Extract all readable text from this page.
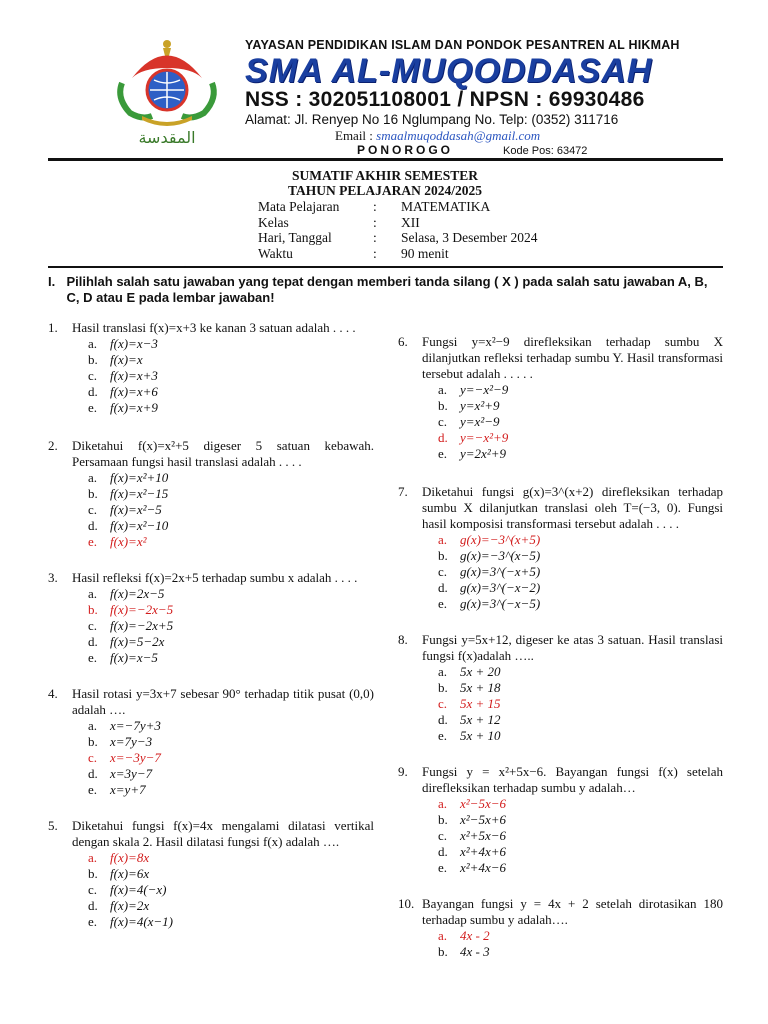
المقدسة
YAYASAN PENDIDIKAN ISLAM DAN PONDOK PESANTREN AL HIKMAH
SMA AL-MUQODDASAH
NSS : 302051108001 / NPSN : 69930486
Alamat: Jl. Renyep No 16 Nglumpang No. Telp: (0352) 311716
Email : smaalmuqoddasah@gmail.com
PONOROGO	Kode Pos: 63472
SUMATIF AKHIR SEMESTER
TAHUN PELAJARAN 2024/2025
Mata Pelajaran	:	MATEMATIKA
Kelas	:	XII
Hari, Tanggal	:	Selasa, 3 Desember 2024
Waktu	:	90 menit
I. Pilihlah salah satu jawaban yang tepat dengan memberi tanda silang ( X ) pada salah satu jawaban A, B, C, D atau E pada lembar jawaban!
1.	Hasil translasi f(x)=x+3 ke kanan 3 satuan adalah . . . .
a. f(x)=x−3
b. f(x)=x
c. f(x)=x+3
d. f(x)=x+6
e. f(x)=x+9
2.	Diketahui f(x)=x²+5 digeser 5 satuan kebawah. Persamaan fungsi hasil translasi adalah . . . .
a. f(x)=x²+10
b. f(x)=x²−15
c. f(x)=x²−5
d. f(x)=x²−10
e. f(x)=x²
3.	Hasil refleksi f(x)=2x+5 terhadap sumbu x adalah . . . .
a. f(x)=2x−5
b. f(x)=−2x−5
c. f(x)=−2x+5
d. f(x)=5−2x
e. f(x)=x−5
4.	Hasil rotasi y=3x+7 sebesar 90° terhadap titik pusat (0,0) adalah ….
a. x=−7y+3
b. x=7y−3
c. x=−3y−7
d. x=3y−7
e. x=y+7
5.	Diketahui fungsi f(x)=4x mengalami dilatasi vertikal dengan skala 2. Hasil dilatasi fungsi f(x) adalah ….
a. f(x)=8x
b. f(x)=6x
c. f(x)=4(−x)
d. f(x)=2x
e. f(x)=4(x−1)
6.	Fungsi y=x²−9 direfleksikan terhadap sumbu X dilanjutkan refleksi terhadap sumbu Y. Hasil transformasi tersebut adalah . . . . .
a. y=−x²−9
b. y=x²+9
c. y=x²−9
d. y=−x²+9
e. y=2x²+9
7.	Diketahui fungsi g(x)=3^(x+2) direfleksikan terhadap sumbu X dilanjutkan translasi oleh T=(−3, 0). Fungsi hasil komposisi transformasi tersebut adalah . . . .
a. g(x)=−3^(x+5)
b. g(x)=−3^(x−5)
c. g(x)=3^(−x+5)
d. g(x)=3^(−x−2)
e. g(x)=3^(−x−5)
8.	Fungsi y=5x+12, digeser ke atas 3 satuan. Hasil translasi fungsi f(x)adalah …..
a. 5x + 20
b. 5x + 18
c. 5x + 15
d. 5x + 12
e. 5x + 10
9.	Fungsi y = x²+5x−6. Bayangan fungsi f(x) setelah direfleksikan terhadap sumbu y adalah…
a. x²−5x−6
b. x²−5x+6
c. x²+5x−6
d. x²+4x+6
e. x²+4x−6
10. Bayangan fungsi y = 4x + 2 setelah dirotasikan 180 terhadap sumbu y adalah….
a. 4x - 2
b. 4x - 3
